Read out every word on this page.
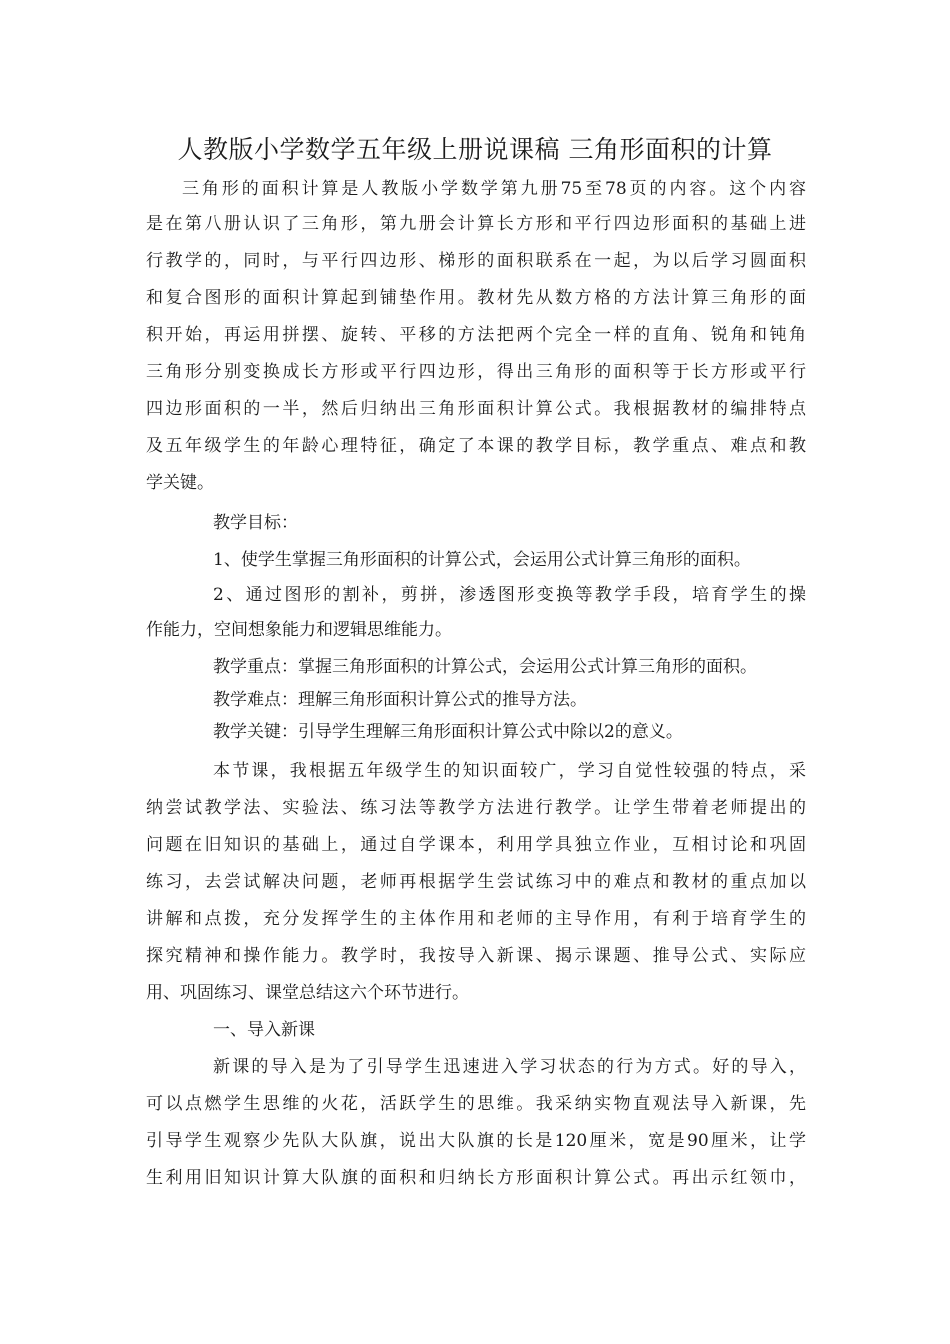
人教版小学数学五年级上册说课稿 三角形面积的计算
三角形的面积计算是人教版小学数学第九册75至78页的内容。这个内容
是在第八册认识了三角形，第九册会计算长方形和平行四边形面积的基础上进
行教学的，同时，与平行四边形、梯形的面积联系在一起，为以后学习圆面积
和复合图形的面积计算起到铺垫作用。教材先从数方格的方法计算三角形的面
积开始，再运用拼摆、旋转、平移的方法把两个完全一样的直角、锐角和钝角
三角形分别变换成长方形或平行四边形，得出三角形的面积等于长方形或平行
四边形面积的一半，然后归纳出三角形面积计算公式。我根据教材的编排特点
及五年级学生的年龄心理特征，确定了本课的教学目标，教学重点、难点和教
学关键。
教学目标：
1、使学生掌握三角形面积的计算公式，会运用公式计算三角形的面积。
2、通过图形的割补，剪拼，渗透图形变换等教学手段，培育学生的操
作能力，空间想象能力和逻辑思维能力。
教学重点：掌握三角形面积的计算公式，会运用公式计算三角形的面积。
教学难点：理解三角形面积计算公式的推导方法。
教学关键：引导学生理解三角形面积计算公式中除以2的意义。
本节课，我根据五年级学生的知识面较广，学习自觉性较强的特点，采
纳尝试教学法、实验法、练习法等教学方法进行教学。让学生带着老师提出的
问题在旧知识的基础上，通过自学课本，利用学具独立作业，互相讨论和巩固
练习，去尝试解决问题，老师再根据学生尝试练习中的难点和教材的重点加以
讲解和点拨，充分发挥学生的主体作用和老师的主导作用，有利于培育学生的
探究精神和操作能力。教学时，我按导入新课、揭示课题、推导公式、实际应
用、巩固练习、课堂总结这六个环节进行。
一、导入新课
新课的导入是为了引导学生迅速进入学习状态的行为方式。好的导入，
可以点燃学生思维的火花，活跃学生的思维。我采纳实物直观法导入新课，先
引导学生观察少先队大队旗，说出大队旗的长是120厘米，宽是90厘米，让学
生利用旧知识计算大队旗的面积和归纳长方形面积计算公式。再出示红领巾，
